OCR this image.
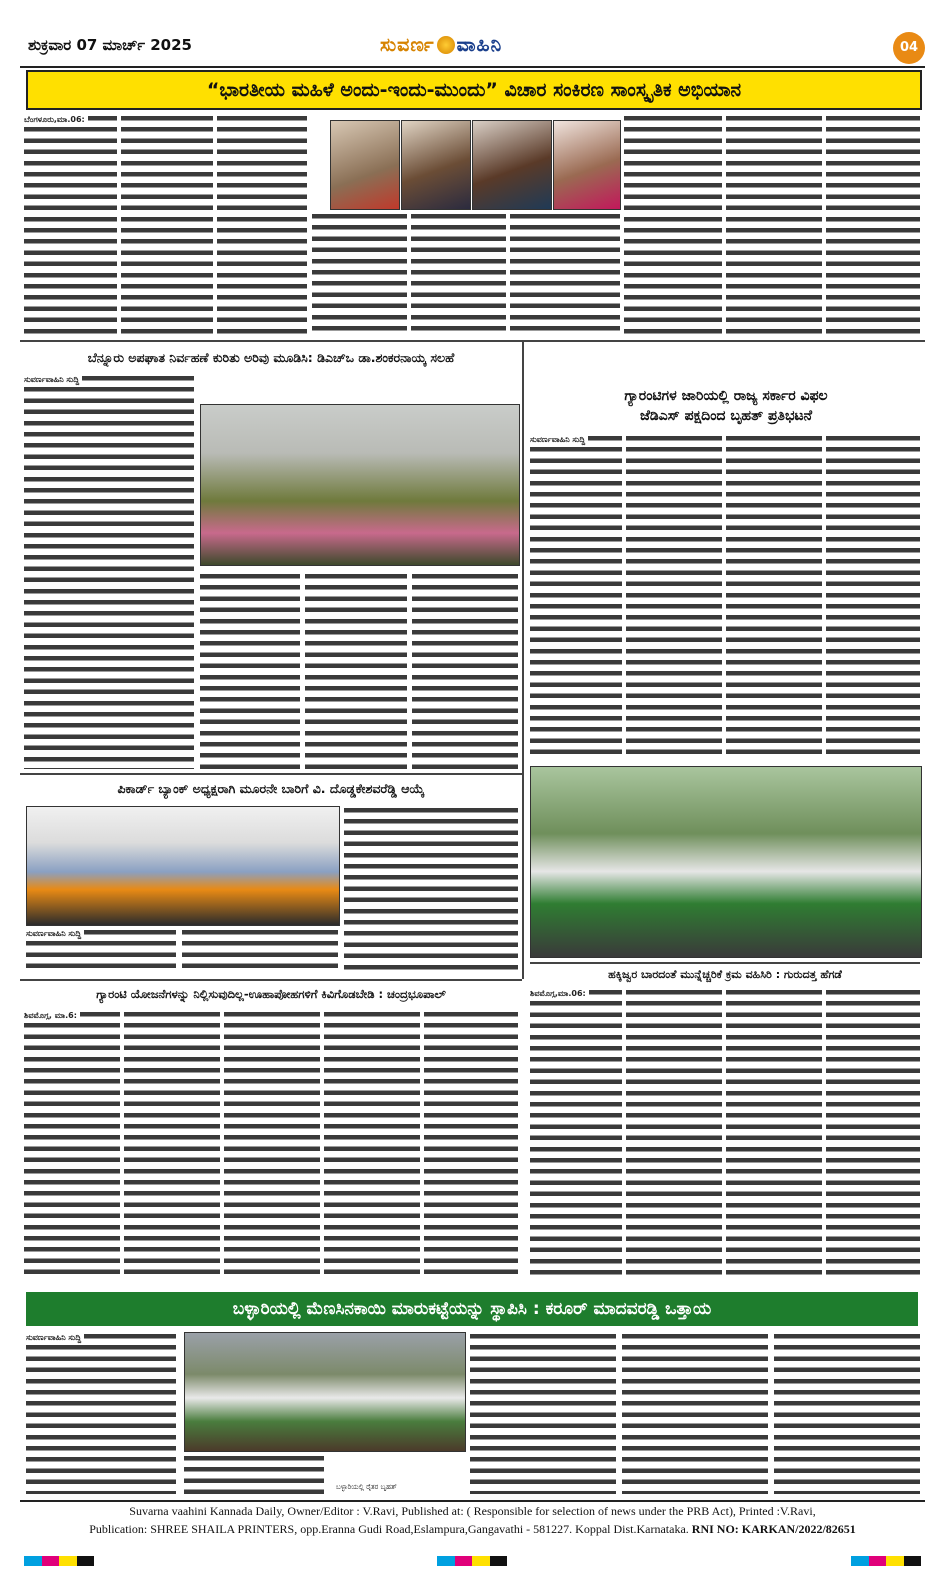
ಶುಕ್ರವಾರ 07 ಮಾರ್ಚ್ 2025	ಸುವರ್ಣ ವಾಹಿನಿ	04
“ಭಾರತೀಯ ಮಹಿಳೆ ಅಂದು-ಇಂದು-ಮುಂದು” ವಿಚಾರ ಸಂಕಿರಣ ಸಾಂಸ್ಕೃತಿಕ ಅಭಿಯಾನ
ಬೆಂಗಳೂರು,ಮಾ.06:
ಬೆನ್ನೂರು ಅಪಘಾತ ನಿರ್ವಹಣೆ ಕುರಿತು ಅರಿವು ಮೂಡಿಸಿ: ಡಿಎಚ್‌ಒ ಡಾ.ಶಂಕರನಾಯ್ಕ ಸಲಹೆ
ಸುವರ್ಣವಾಹಿನಿ ಸುದ್ದಿ
ಗ್ಯಾರಂಟಿಗಳ ಜಾರಿಯಲ್ಲಿ ರಾಜ್ಯ ಸರ್ಕಾರ ವಿಫಲ
ಜೆಡಿಎಸ್ ಪಕ್ಷದಿಂದ ಬೃಹತ್ ಪ್ರತಿಭಟನೆ
ಸುವರ್ಣವಾಹಿನಿ ಸುದ್ದಿ
ಪಿಕಾರ್ಡ್ ಬ್ಯಾಂಕ್ ಅಧ್ಯಕ್ಷರಾಗಿ ಮೂರನೇ ಬಾರಿಗೆ ವಿ. ದೊಡ್ಡಕೇಶವರೆಡ್ಡಿ ಆಯ್ಕೆ
ಸುವರ್ಣವಾಹಿನಿ ಸುದ್ದಿ
ಹಕ್ಕಿಜ್ವರ ಬಾರದಂತೆ ಮುನ್ನೆಚ್ಚರಿಕೆ ಕ್ರಮ ವಹಿಸಿರಿ : ಗುರುದತ್ತ ಹೆಗಡೆ
ಶಿವಮೊಗ್ಗ,ಮಾ.06:
ಗ್ಯಾರಂಟಿ ಯೋಜನೆಗಳನ್ನು ನಿಲ್ಲಿಸುವುದಿಲ್ಲ-ಊಹಾಪೋಹಗಳಿಗೆ ಕಿವಿಗೊಡಬೇಡಿ : ಚಂದ್ರಭೂಪಾಲ್
ಶಿವಮೊಗ್ಗ, ಮಾ.6:
ಬಳ್ಳಾರಿಯಲ್ಲಿ ಮೆಣಸಿನಕಾಯಿ ಮಾರುಕಟ್ಟೆಯನ್ನು ಸ್ಥಾಪಿಸಿ : ಕರೂರ್ ಮಾದವರಡ್ಡಿ ಒತ್ತಾಯ
ಸುವರ್ಣವಾಹಿನಿ ಸುದ್ದಿ
ಬಳ್ಳಾರಿಯಲ್ಲಿ ರೈತರ ಬೃಹತ್
Suvarna vaahini Kannada Daily, Owner/Editor : V.Ravi, Published at: ( Responsible for selection of news under the PRB Act), Printed :V.Ravi,
Publication: SHREE SHAILA PRINTERS, opp.Eranna Gudi Road,Eslampura,Gangavathi - 581227. Koppal Dist.Karnataka. RNI NO: KARKAN/2022/82651
